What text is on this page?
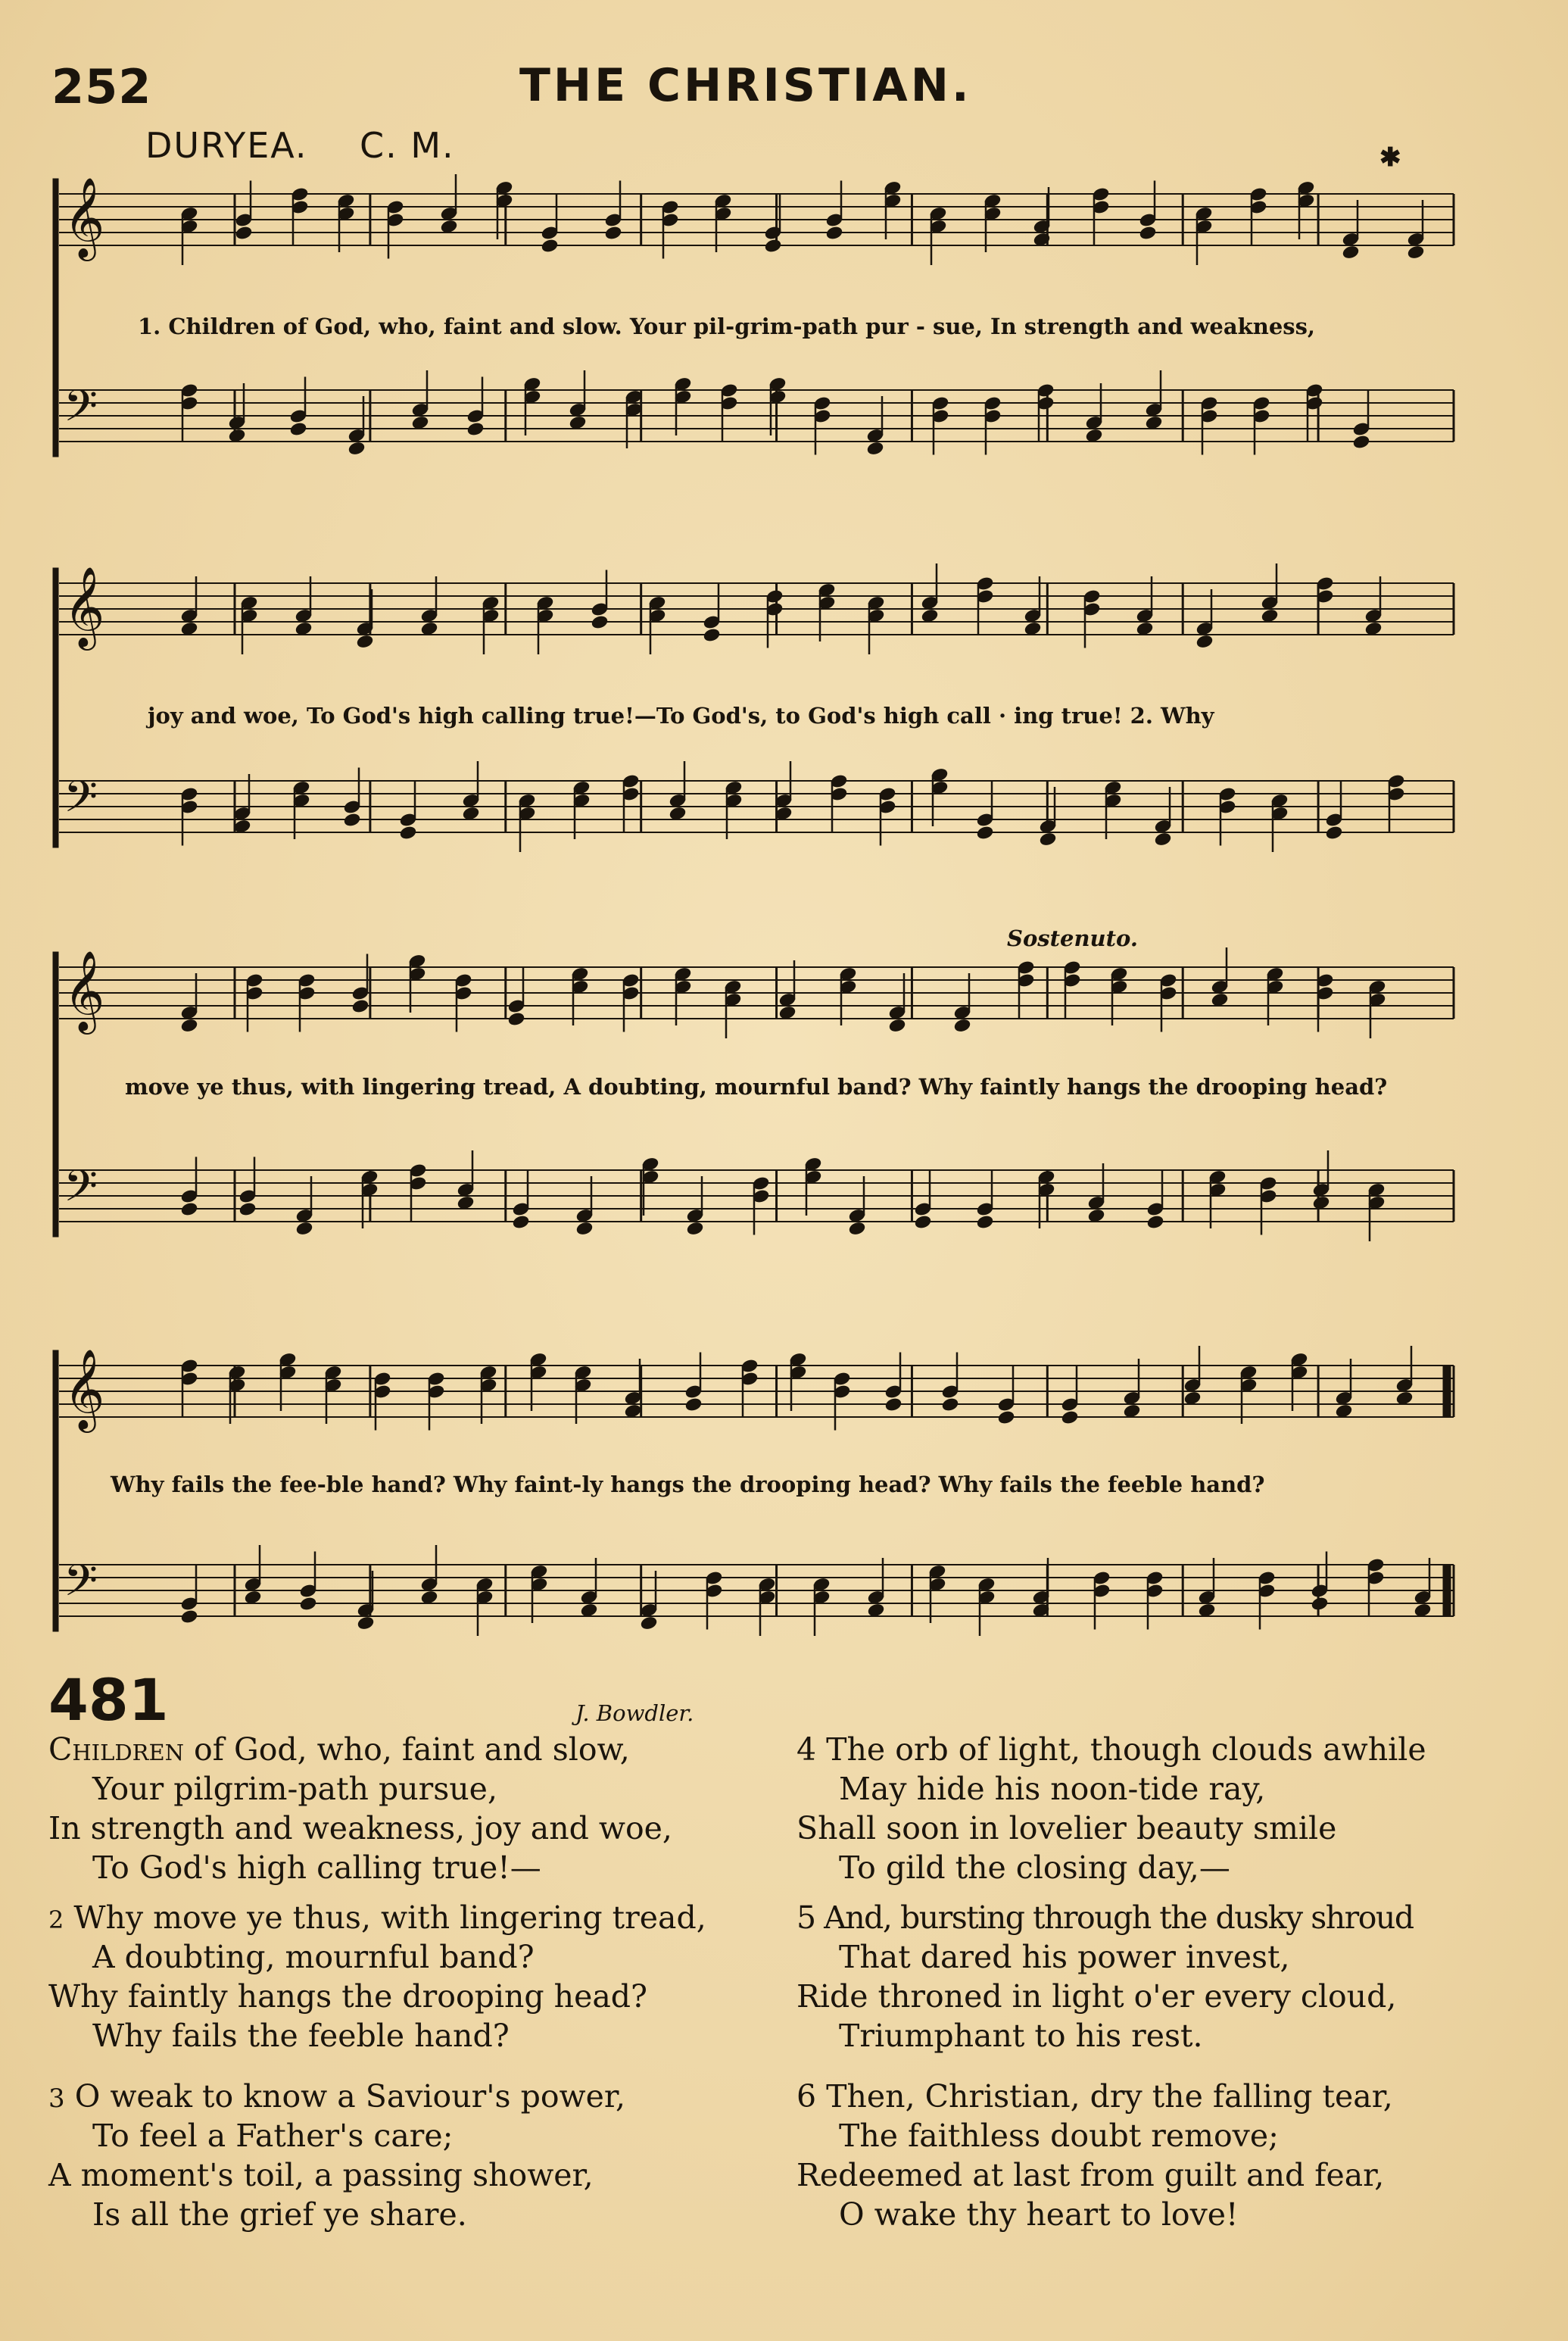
252	THE CHRISTIAN.
DURYEA. C. M.	✱
𝄞
𝄢
𝄞
𝄢
𝄞
𝄢
𝄞
𝄢
1. Children of God, who, faint and slow. Your pil-grim-path pur - sue, In strength and weakness,
joy and woe, To God's high calling true!—To God's, to God's high call · ing true! 2. Why
move ye thus, with lingering tread, A doubting, mournful band? Why faintly hangs the drooping head?
Why fails the fee-ble hand? Why faint-ly hangs the drooping head? Why fails the feeble hand?
Sostenuto.
481	J. Bowdler.
Children of God, who, faint and slow,
Your pilgrim-path pursue,
In strength and weakness, joy and woe,
To God's high calling true!—
2 Why move ye thus, with lingering tread,
A doubting, mournful band?
Why faintly hangs the drooping head?
Why fails the feeble hand?
3 O weak to know a Saviour's power,
To feel a Father's care;
A moment's toil, a passing shower,
Is all the grief ye share.
4 The orb of light, though clouds awhile
May hide his noon-tide ray,
Shall soon in lovelier beauty smile
To gild the closing day,—
5 And, bursting through the dusky shroud
That dared his power invest,
Ride throned in light o'er every cloud,
Triumphant to his rest.
6 Then, Christian, dry the falling tear,
The faithless doubt remove;
Redeemed at last from guilt and fear,
O wake thy heart to love!
